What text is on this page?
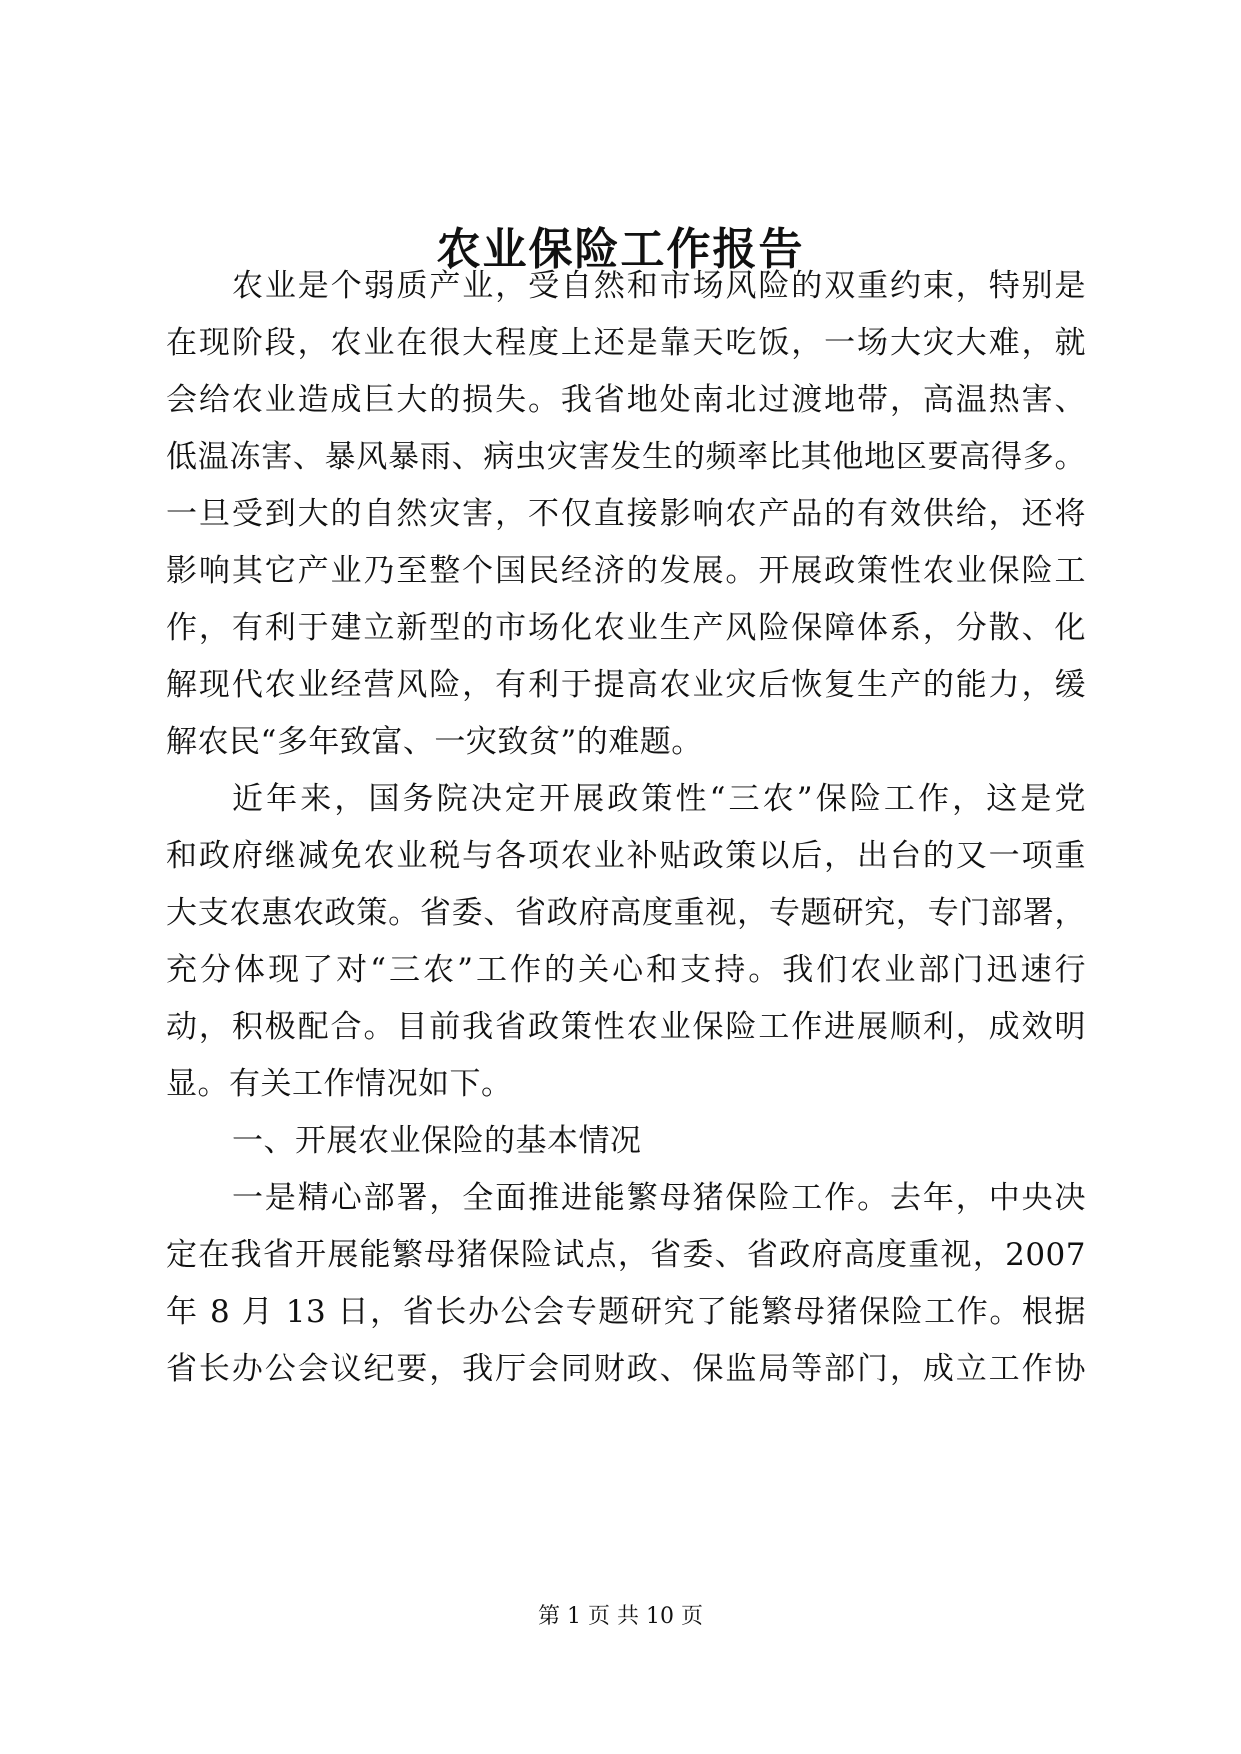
农业保险工作报告
农业是个弱质产业，受自然和市场风险的双重约束，特别是
在现阶段，农业在很大程度上还是靠天吃饭，一场大灾大难，就
会给农业造成巨大的损失。我省地处南北过渡地带，高温热害、
低温冻害、暴风暴雨、病虫灾害发生的频率比其他地区要高得多。
一旦受到大的自然灾害，不仅直接影响农产品的有效供给，还将
影响其它产业乃至整个国民经济的发展。开展政策性农业保险工
作，有利于建立新型的市场化农业生产风险保障体系，分散、化
解现代农业经营风险，有利于提高农业灾后恢复生产的能力，缓
解农民“多年致富、一灾致贫”的难题。
近年来，国务院决定开展政策性“三农”保险工作，这是党
和政府继减免农业税与各项农业补贴政策以后，出台的又一项重
大支农惠农政策。省委、省政府高度重视，专题研究，专门部署，
充分体现了对“三农”工作的关心和支持。我们农业部门迅速行
动，积极配合。目前我省政策性农业保险工作进展顺利，成效明
显。有关工作情况如下。
一、开展农业保险的基本情况
一是精心部署，全面推进能繁母猪保险工作。去年，中央决
定在我省开展能繁母猪保险试点，省委、省政府高度重视，2007
年 8 月 13 日，省长办公会专题研究了能繁母猪保险工作。根据
省长办公会议纪要，我厅会同财政、保监局等部门，成立工作协
第 1 页 共 10 页
